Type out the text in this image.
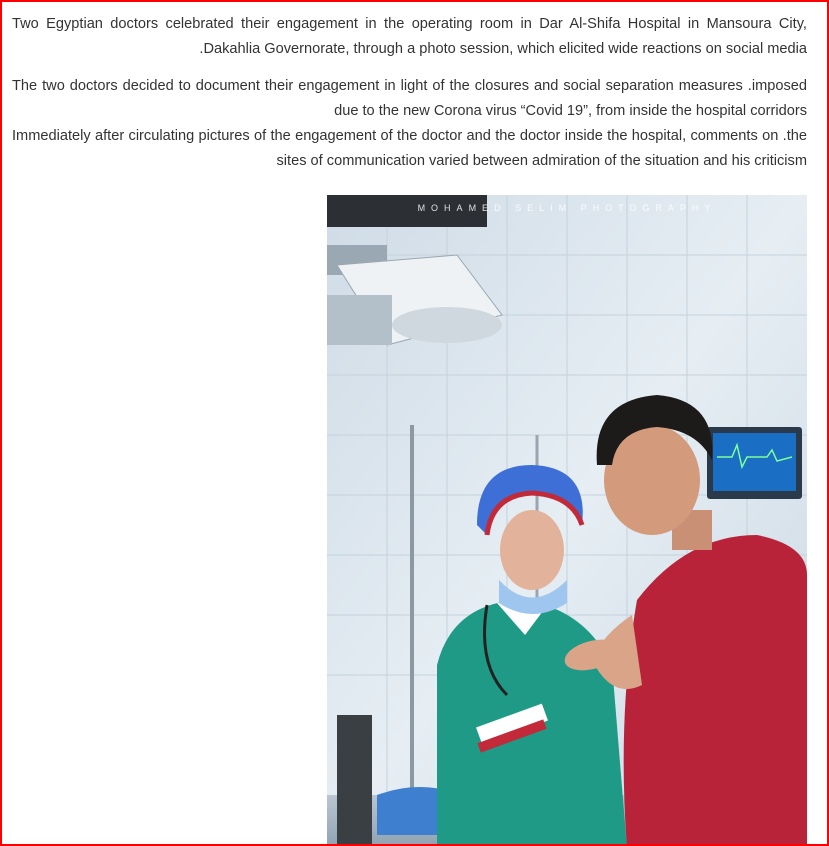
Two Egyptian doctors celebrated their engagement in the operating room in Dar Al-Shifa Hospital in Mansoura City, .Dakahlia Governorate, through a photo session, which elicited wide reactions on social media

The two doctors decided to document their engagement in light of the closures and social separation measures .imposed due to the new Corona virus “Covid 19”, from inside the hospital corridors

Immediately after circulating pictures of the engagement of the doctor and the doctor inside the hospital, comments on .the sites of communication varied between admiration of the situation and his criticism

MOHAMED SELIM PHOTOGRAPHY
